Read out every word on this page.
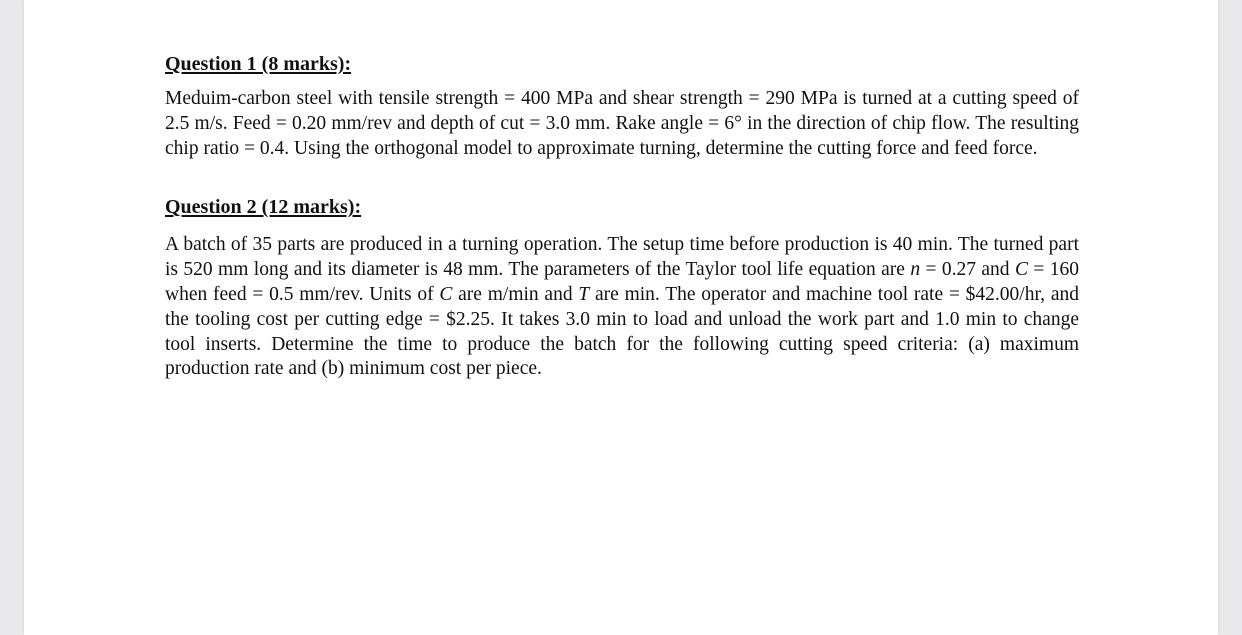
Question 1 (8 marks):

Meduim-carbon steel with tensile strength = 400 MPa and shear strength = 290 MPa is turned at a cutting speed of 2.5 m/s. Feed = 0.20 mm/rev and depth of cut = 3.0 mm. Rake angle = 6° in the direction of chip flow. The resulting chip ratio = 0.4. Using the orthogonal model to approximate turning, determine the cutting force and feed force.

Question 2 (12 marks):

A batch of 35 parts are produced in a turning operation. The setup time before production is 40 min. The turned part is 520 mm long and its diameter is 48 mm. The parameters of the Taylor tool life equation are n = 0.27 and C = 160 when feed = 0.5 mm/rev. Units of C are m/min and T are min. The operator and machine tool rate = $42.00/hr, and the tooling cost per cutting edge = $2.25. It takes 3.0 min to load and unload the work part and 1.0 min to change tool inserts. Determine the time to produce the batch for the following cutting speed criteria: (a) maximum production rate and (b) minimum cost per piece.
